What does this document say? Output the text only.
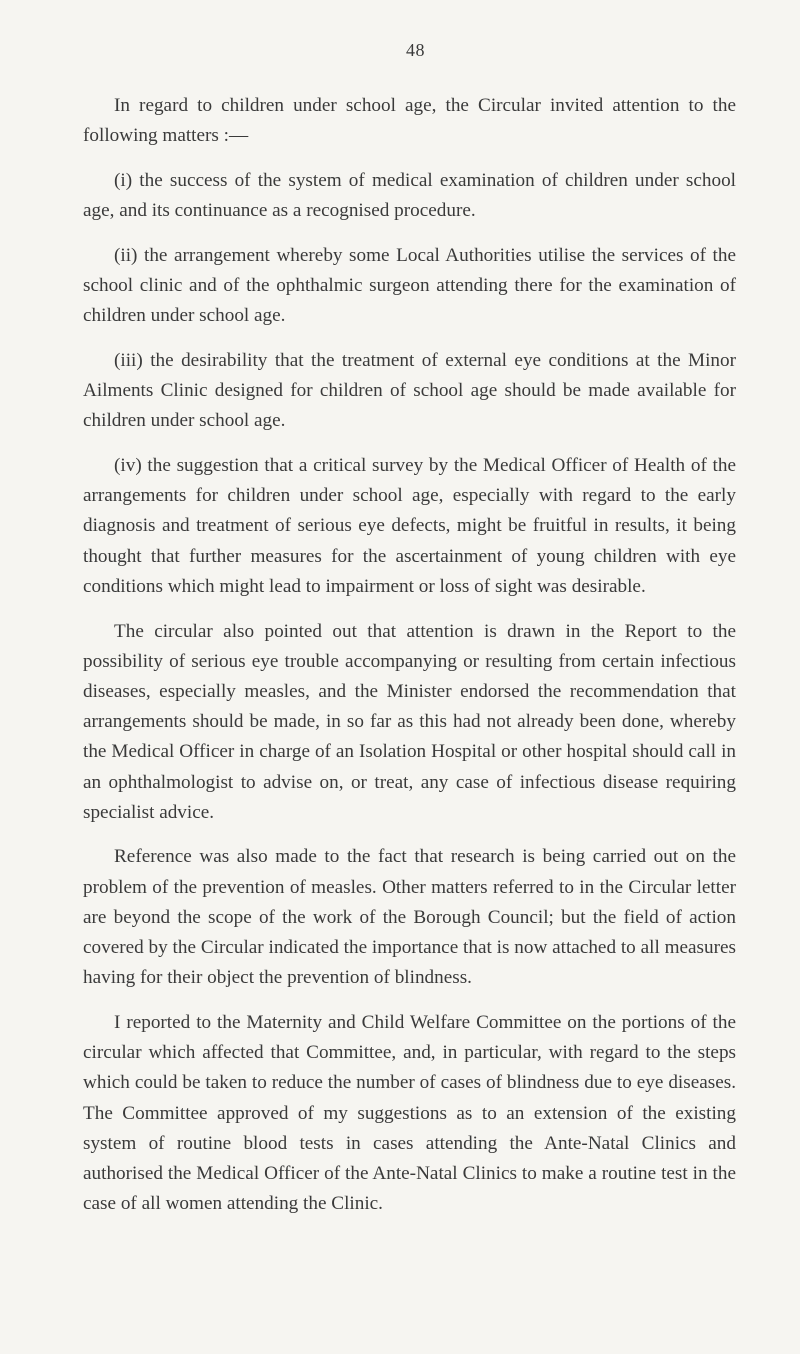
48

In regard to children under school age, the Circular invited attention to the following matters :—

(i) the success of the system of medical examination of children under school age, and its continuance as a recognised procedure.

(ii) the arrangement whereby some Local Authorities utilise the services of the school clinic and of the ophthalmic surgeon attending there for the examination of children under school age.

(iii) the desirability that the treatment of external eye conditions at the Minor Ailments Clinic designed for children of school age should be made available for children under school age.

(iv) the suggestion that a critical survey by the Medical Officer of Health of the arrangements for children under school age, especially with regard to the early diagnosis and treatment of serious eye defects, might be fruitful in results, it being thought that further measures for the ascertainment of young children with eye conditions which might lead to impairment or loss of sight was desirable.

The circular also pointed out that attention is drawn in the Report to the possibility of serious eye trouble accompanying or resulting from certain infectious diseases, especially measles, and the Minister endorsed the recommendation that arrangements should be made, in so far as this had not already been done, whereby the Medical Officer in charge of an Isolation Hospital or other hospital should call in an ophthalmologist to advise on, or treat, any case of infectious disease requiring specialist advice.

Reference was also made to the fact that research is being carried out on the problem of the prevention of measles. Other matters referred to in the Circular letter are beyond the scope of the work of the Borough Council; but the field of action covered by the Circular indicated the importance that is now attached to all measures having for their object the prevention of blindness.

I reported to the Maternity and Child Welfare Committee on the portions of the circular which affected that Committee, and, in particular, with regard to the steps which could be taken to reduce the number of cases of blindness due to eye diseases. The Committee approved of my suggestions as to an extension of the existing system of routine blood tests in cases attending the Ante-Natal Clinics and authorised the Medical Officer of the Ante-Natal Clinics to make a routine test in the case of all women attending the Clinic.
